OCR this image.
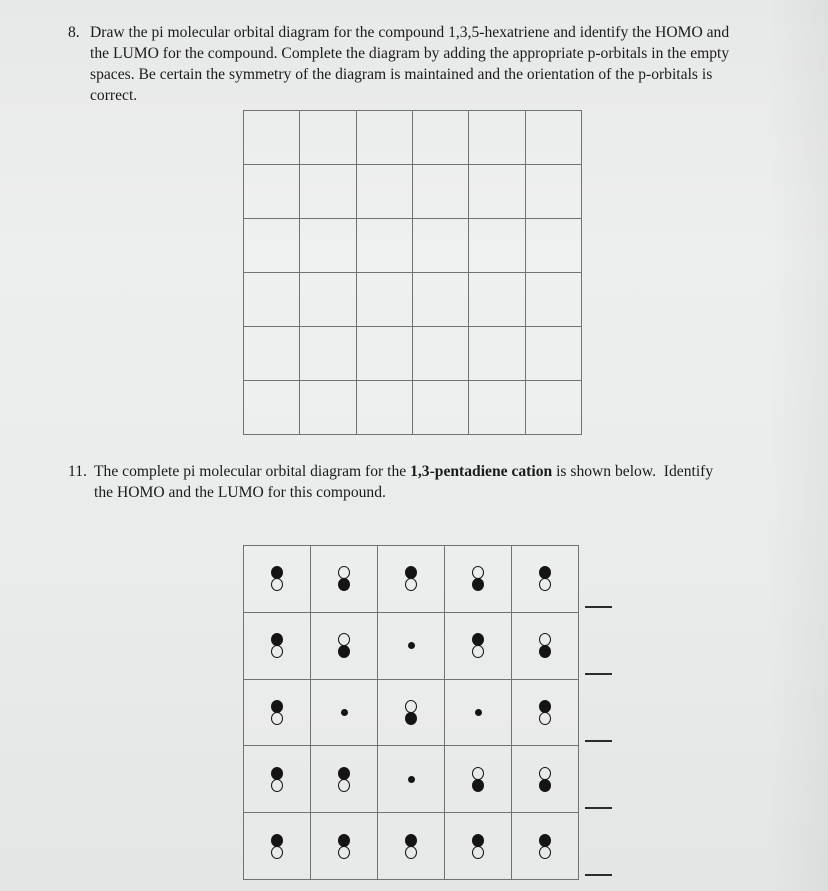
8. Draw the pi molecular orbital diagram for the compound 1,3,5-hexatriene and identify the HOMO and
the LUMO for the compound. Complete the diagram by adding the appropriate p-orbitals in the empty
spaces. Be certain the symmetry of the diagram is maintained and the orientation of the p-orbitals is
correct.
11. The complete pi molecular orbital diagram for the 1,3-pentadiene cation is shown below.  Identify
the HOMO and the LUMO for this compound.
